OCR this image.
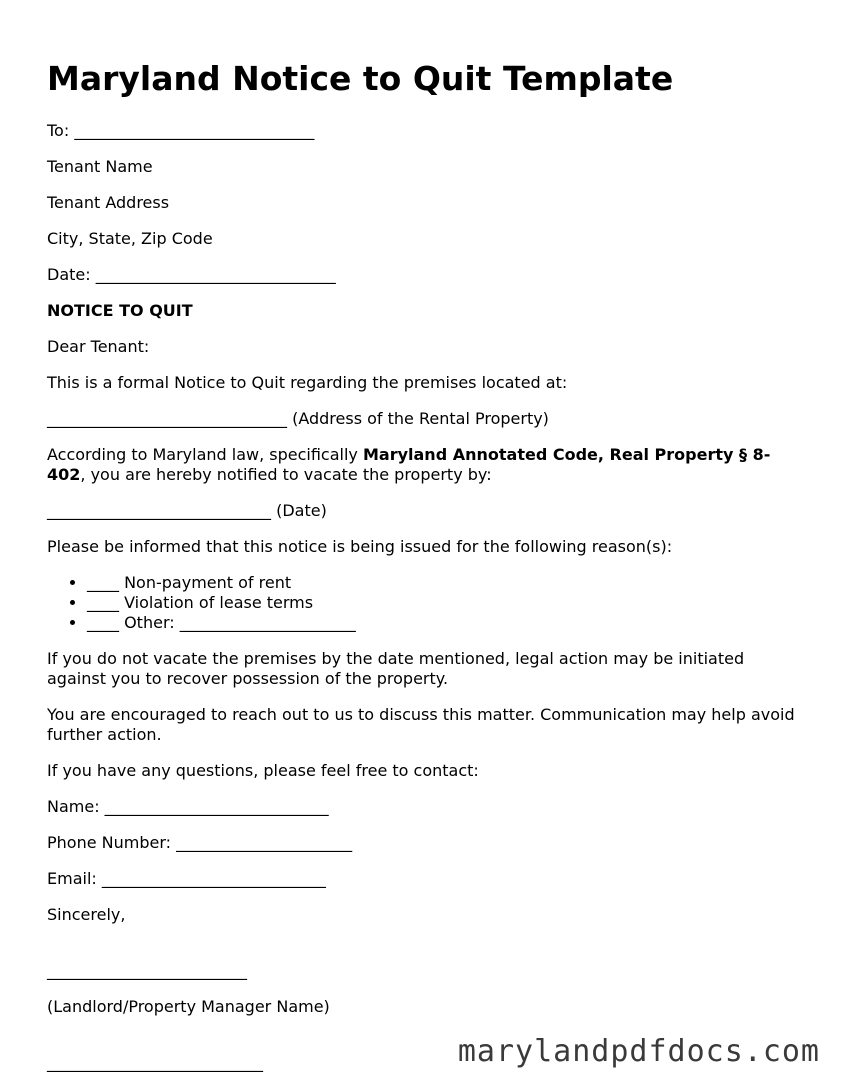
Maryland Notice to Quit Template

To: ______________________________

Tenant Name

Tenant Address

City, State, Zip Code

Date: ______________________________

NOTICE TO QUIT

Dear Tenant:

This is a formal Notice to Quit regarding the premises located at:

______________________________ (Address of the Rental Property)

According to Maryland law, specifically Maryland Annotated Code, Real Property § 8-402, you are hereby notified to vacate the property by:

____________________________ (Date)

Please be informed that this notice is being issued for the following reason(s):

• ____ Non-payment of rent
• ____ Violation of lease terms
• ____ Other: ______________________

If you do not vacate the premises by the date mentioned, legal action may be initiated against you to recover possession of the property.

You are encouraged to reach out to us to discuss this matter. Communication may help avoid further action.

If you have any questions, please feel free to contact:

Name: ____________________________

Phone Number: ______________________

Email: ____________________________

Sincerely,

_________________________

(Landlord/Property Manager Name)

___________________________	marylandpdfdocs.com
